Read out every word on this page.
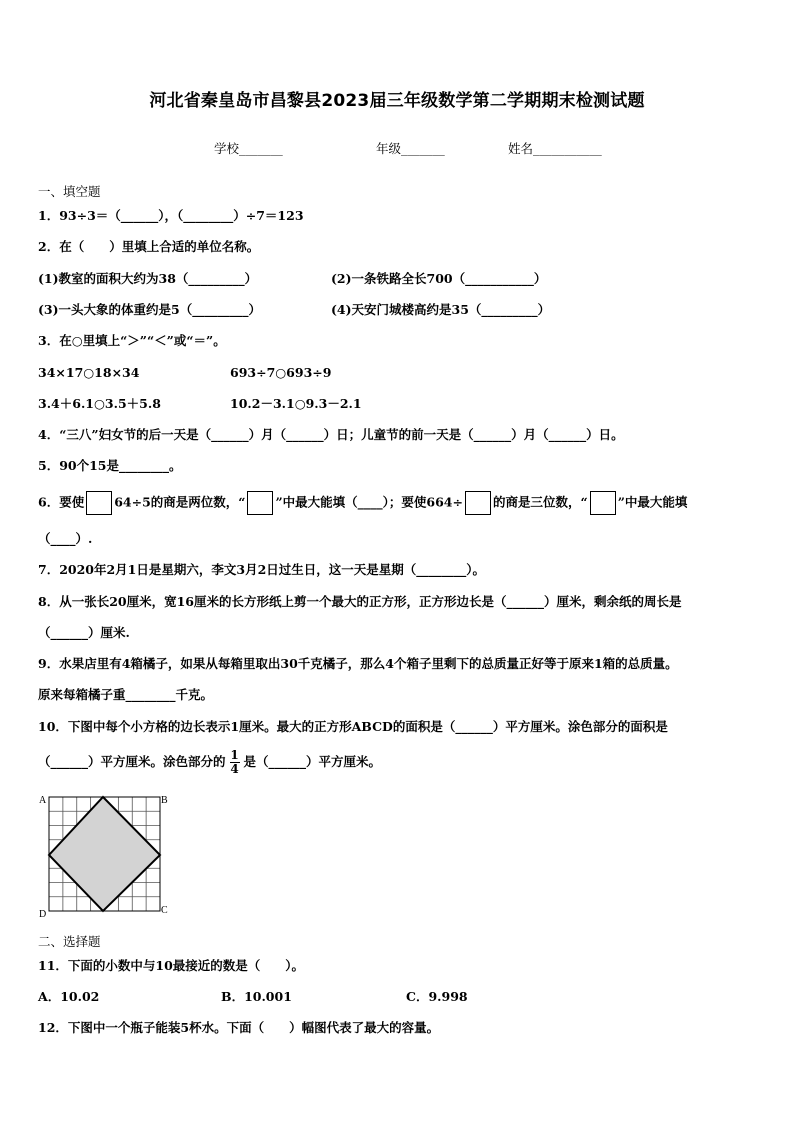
河北省秦皇岛市昌黎县2023届三年级数学第二学期期末检测试题
学校_______	年级_______	姓名___________
一、填空题
1．93÷3＝（______），（________）÷7＝123
2．在（　　）里填上合适的单位名称。
(1)教室的面积大约为38（_________）	(2)一条铁路全长700（___________）
(3)一头大象的体重约是5（_________）	(4)天安门城楼高约是35（_________）
3．在○里填上“＞”“＜”或“＝”。
34×17○18×34	693÷7○693÷9
3.4＋6.1○3.5＋5.8	10.2－3.1○9.3－2.1
4．“三八”妇女节的后一天是（______）月（______）日；儿童节的前一天是（______）月（______）日。
5．90个15是________。
6．要使 64÷5的商是两位数，“ ”中最大能填（____）；要使664÷ 的商是三位数，“ ”中最大能填
（____）.
7．2020年2月1日是星期六，李文3月2日过生日，这一天是星期（________）。
8．从一张长20厘米，宽16厘米的长方形纸上剪一个最大的正方形，正方形边长是（______）厘米，剩余纸的周长是
（______）厘米.
9．水果店里有4箱橘子，如果从每箱里取出30千克橘子，那么4个箱子里剩下的总质量正好等于原来1箱的总质量。
原来每箱橘子重________千克。
10．下图中每个小方格的边长表示1厘米。最大的正方形ABCD的面积是（______）平方厘米。涂色部分的面积是
（______）平方厘米。涂色部分的 $\frac{1}{4}$ 是（______）平方厘米。
A	B
C
D
二、选择题
11．下面的小数中与10最接近的数是（　　）。
A．10.02	B．10.001	C．9.998
12．下图中一个瓶子能装5杯水。下面（　　）幅图代表了最大的容量。
